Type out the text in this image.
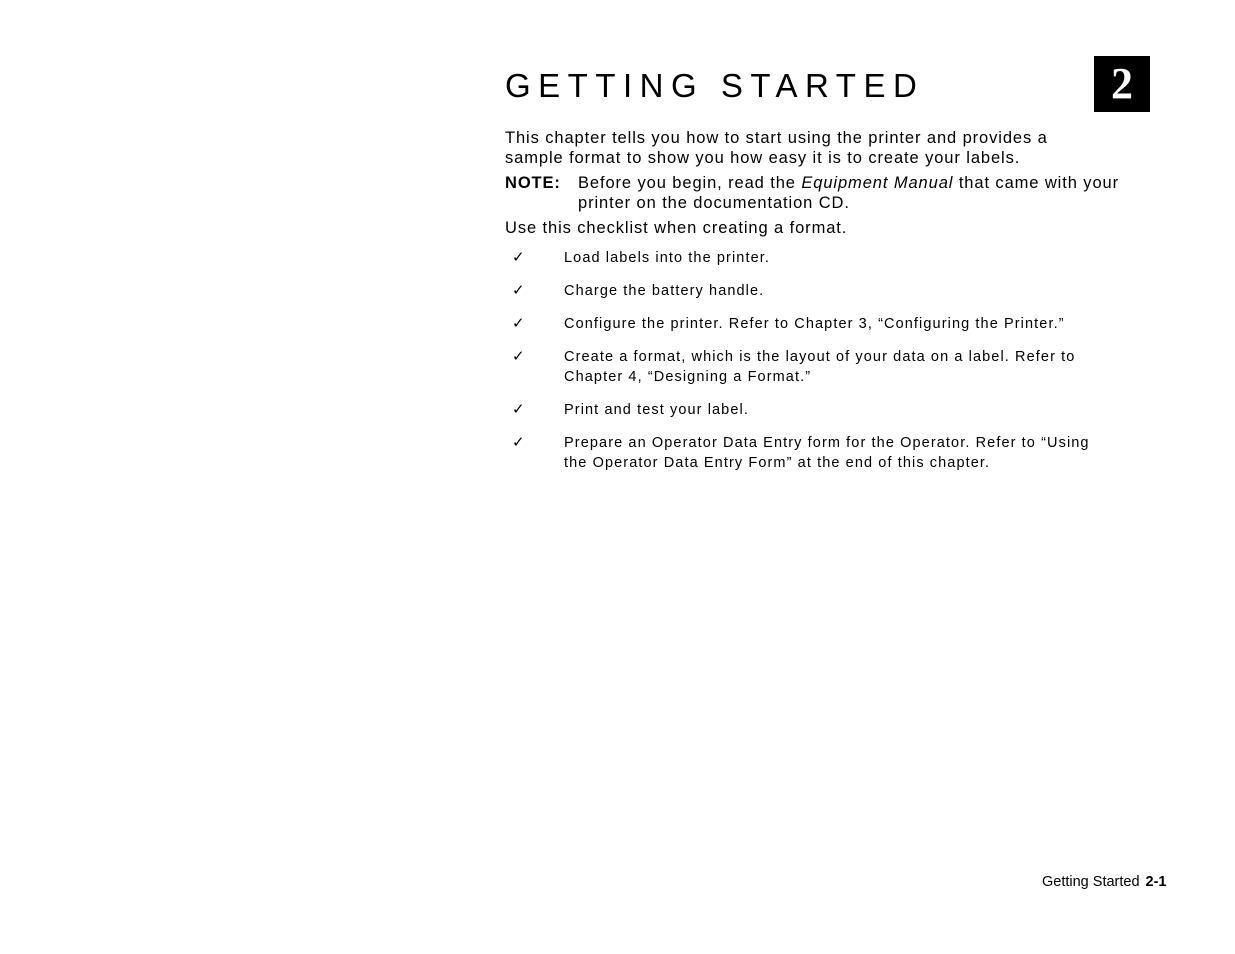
GETTING STARTED	2
This chapter tells you how to start using the printer and provides a
sample format to show you how easy it is to create your labels.
NOTE: Before you begin, read the Equipment Manual that came with your
printer on the documentation CD.
Use this checklist when creating a format.
✓	Load labels into the printer.
✓	Charge the battery handle.
✓	Configure the printer. Refer to Chapter 3, “Configuring the Printer.”
✓	Create a format, which is the layout of your data on a label. Refer to
Chapter 4, “Designing a Format.”
✓	Print and test your label.
✓	Prepare an Operator Data Entry form for the Operator. Refer to “Using
the Operator Data Entry Form” at the end of this chapter.
Getting Started 2-1
